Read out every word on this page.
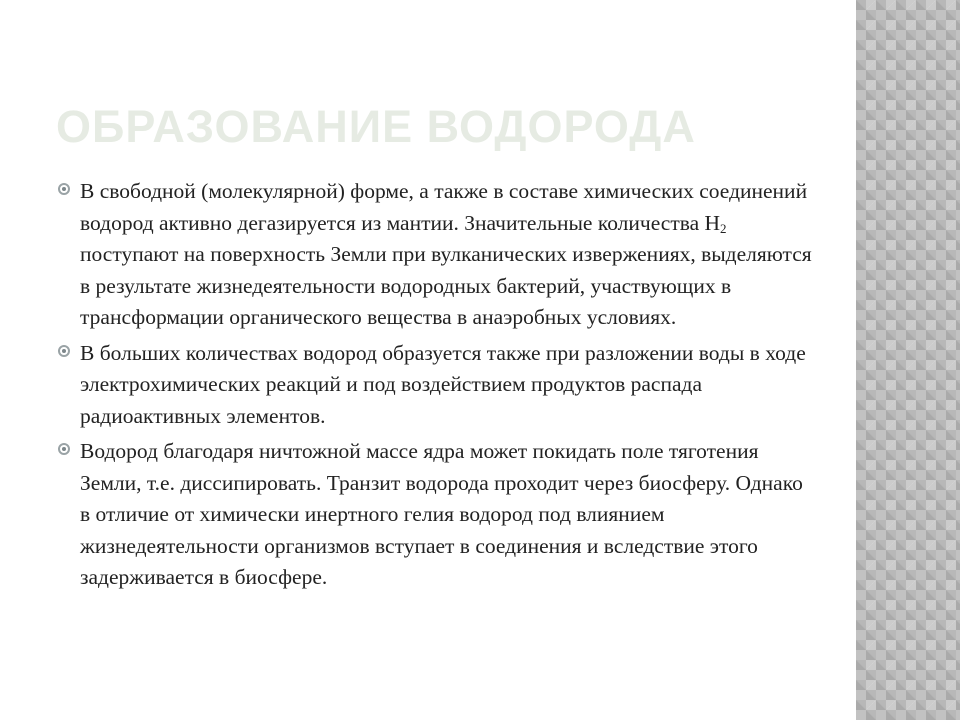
ОБРАЗОВАНИЕ ВОДОРОДА
В свободной (молекулярной) форме, а также в составе химических соединений водород активно дегазируется из мантии. Значительные количества $H_2$ поступают на поверхность Земли при вулканических извержениях, выделяются в результате жизнедеятельности водородных бактерий, участвующих в трансформации органического вещества в анаэробных условиях.
В больших количествах водород образуется также при разложении воды в ходе электрохимических реакций и под воздействием продуктов распада радиоактивных элементов.
Водород благодаря ничтожной массе ядра может покидать поле тяготения Земли, т.е. диссипировать. Транзит водорода проходит через биосферу. Однако в отличие от химически инертного гелия водород под влиянием жизнедеятельности организмов вступает в соединения и вследствие этого задерживается в биосфере.
